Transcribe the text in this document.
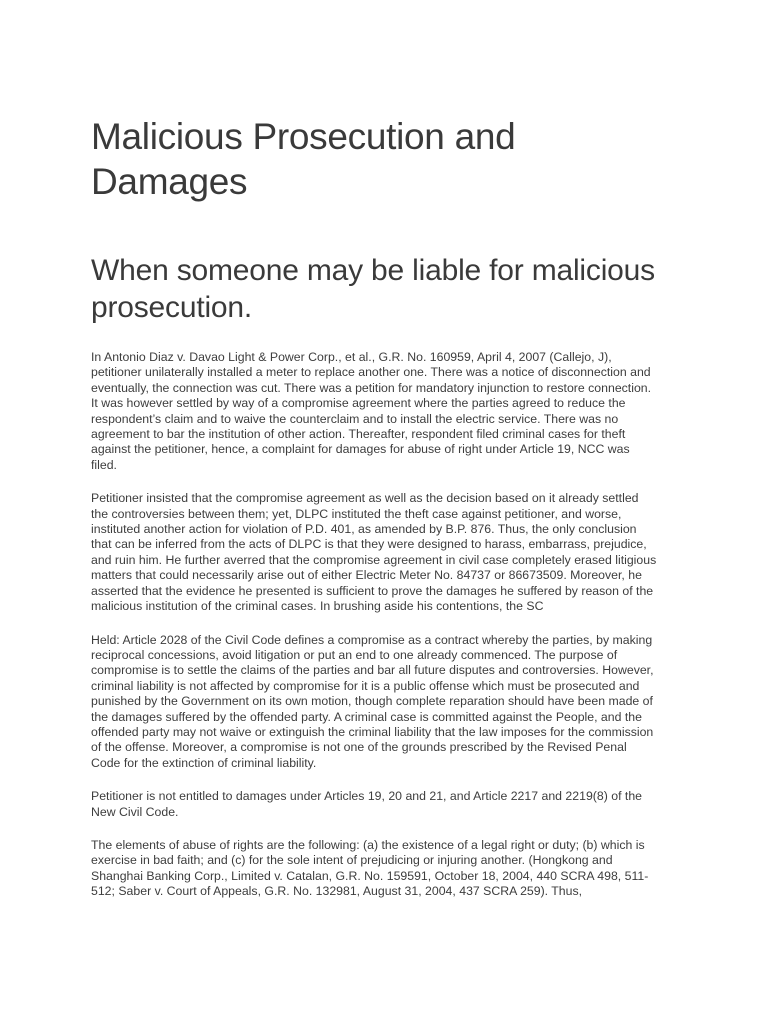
Malicious Prosecution and Damages
When someone may be liable for malicious prosecution.

In Antonio Diaz v. Davao Light & Power Corp., et al., G.R. No. 160959, April 4, 2007 (Callejo, J), petitioner unilaterally installed a meter to replace another one. There was a notice of disconnection and eventually, the connection was cut. There was a petition for mandatory injunction to restore connection. It was however settled by way of a compromise agreement where the parties agreed to reduce the respondent’s claim and to waive the counterclaim and to install the electric service. There was no agreement to bar the institution of other action. Thereafter, respondent filed criminal cases for theft against the petitioner, hence, a complaint for damages for abuse of right under Article 19, NCC was filed.

Petitioner insisted that the compromise agreement as well as the decision based on it already settled the controversies between them; yet, DLPC instituted the theft case against petitioner, and worse, instituted another action for violation of P.D. 401, as amended by B.P. 876. Thus, the only conclusion that can be inferred from the acts of DLPC is that they were designed to harass, embarrass, prejudice, and ruin him. He further averred that the compromise agreement in civil case completely erased litigious matters that could necessarily arise out of either Electric Meter No. 84737 or 86673509. Moreover, he asserted that the evidence he presented is sufficient to prove the damages he suffered by reason of the malicious institution of the criminal cases. In brushing aside his contentions, the SC

Held: Article 2028 of the Civil Code defines a compromise as a contract whereby the parties, by making reciprocal concessions, avoid litigation or put an end to one already commenced. The purpose of compromise is to settle the claims of the parties and bar all future disputes and controversies. However, criminal liability is not affected by compromise for it is a public offense which must be prosecuted and punished by the Government on its own motion, though complete reparation should have been made of the damages suffered by the offended party. A criminal case is committed against the People, and the offended party may not waive or extinguish the criminal liability that the law imposes for the commission of the offense. Moreover, a compromise is not one of the grounds prescribed by the Revised Penal Code for the extinction of criminal liability.

Petitioner is not entitled to damages under Articles 19, 20 and 21, and Article 2217 and 2219(8) of the New Civil Code.

The elements of abuse of rights are the following: (a) the existence of a legal right or duty; (b) which is exercise in bad faith; and (c) for the sole intent of prejudicing or injuring another. (Hongkong and Shanghai Banking Corp., Limited v. Catalan, G.R. No. 159591, October 18, 2004, 440 SCRA 498, 511-512; Saber v. Court of Appeals, G.R. No. 132981, August 31, 2004, 437 SCRA 259). Thus,
